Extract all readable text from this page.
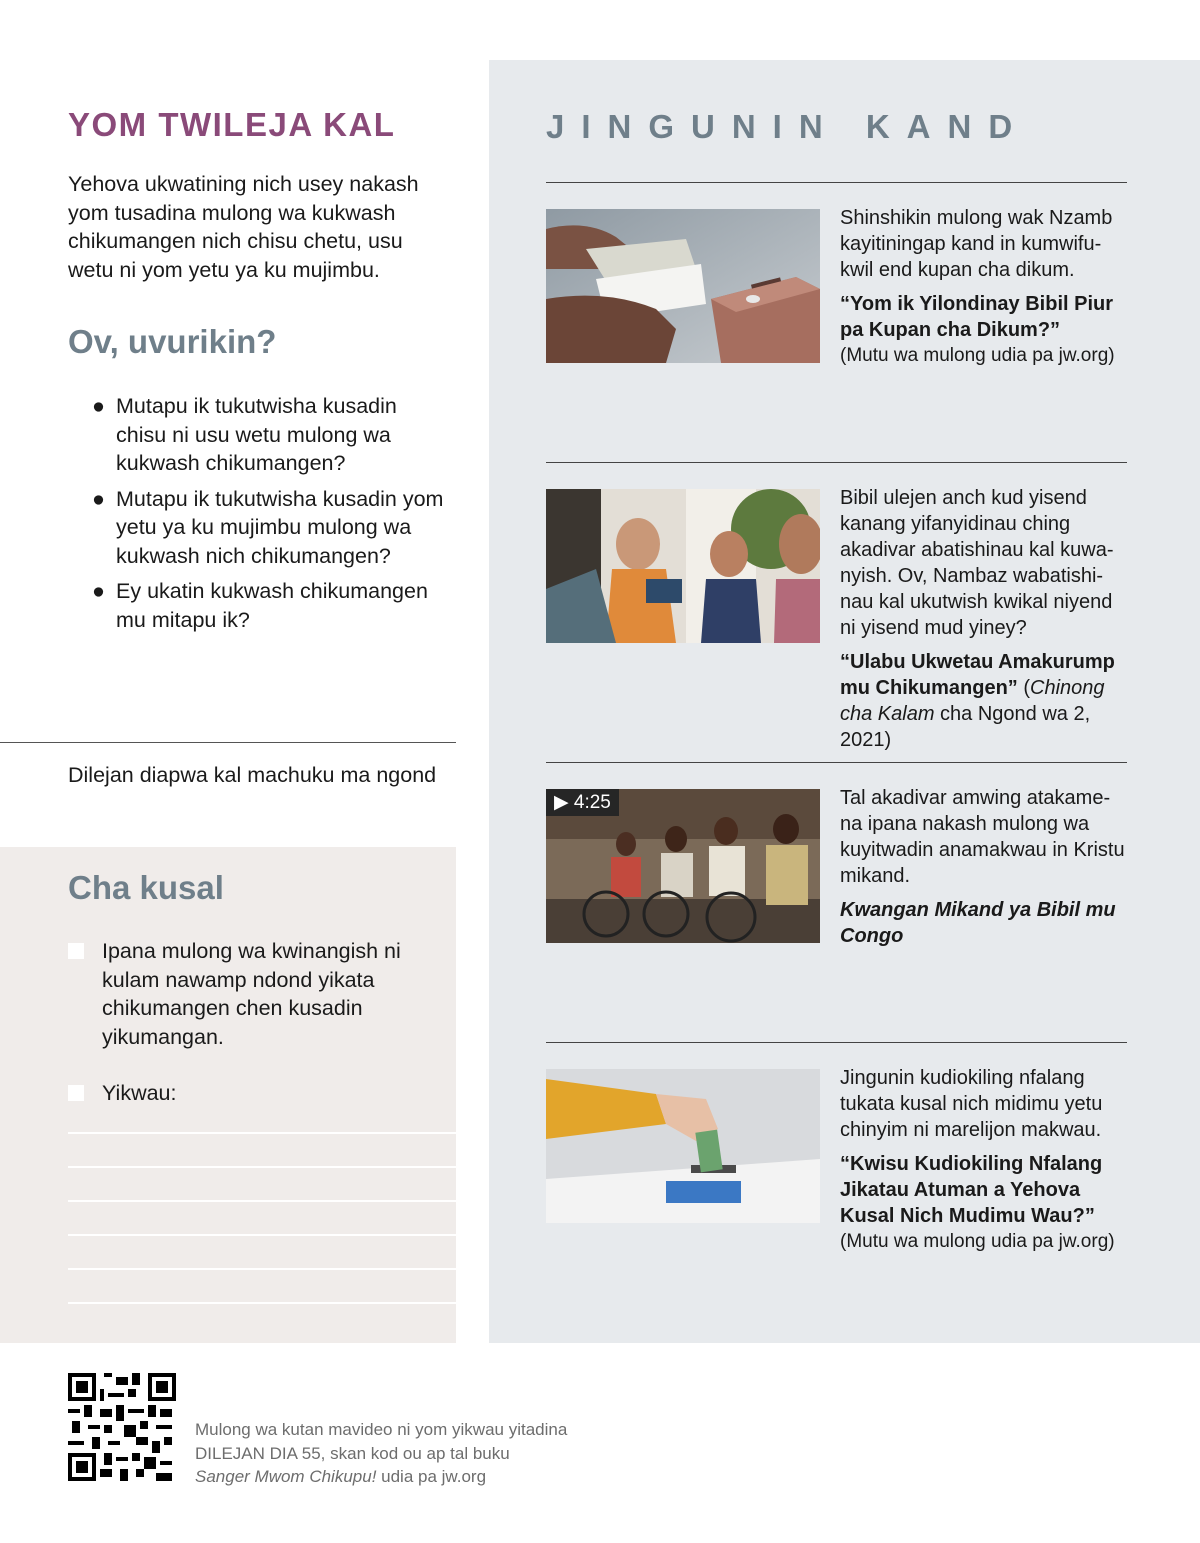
YOM TWILEJA KAL
Yehova ukwatining nich usey nakash yom tusadina mulong wa kukwash chikumangen nich chisu chetu, usu wetu ni yom yetu ya ku mujimbu.
Ov, uvurikin?
● Mutapu ik tukutwisha kusadin chisu ni usu wetu mulong wa kukwash chikumangen?
● Mutapu ik tukutwisha kusadin yom yetu ya ku mujimbu mulong wa kukwash nich chikumangen?
● Ey ukatin kukwash chikumangen mu mitapu ik?
Dilejan diapwa kal machuku ma ngond
Cha kusal
Ipana mulong wa kwinangish ni kulam nawamp ndond yikata chikumangen chen kusadin yikumangan.
Yikwau:
JINGUNIN KAND
Shinshikin mulong wak Nzamb kayitiningap kand in kumwifu-kwil end kupan cha dikum.
“Yom ik Yilondinay Bibil Piur pa Kupan cha Dikum?”
(Mutu wa mulong udia pa jw.org)
Bibil ulejen anch kud yisend kanang yifanyidinau ching akadivar abatishinau kal kuwa-nyish. Ov, Nambaz wabatishi-nau kal ukutwish kwikal niyend ni yisend mud yiney?
“Ulabu Ukwetau Amakurump mu Chikumangen” (Chinong cha Kalam cha Ngond wa 2, 2021)
▶ 4:25	Tal akadivar amwing atakame-na ipana nakash mulong wa kuyitwadin anamakwau in Kristu mikand.
Kwangan Mikand ya Bibil mu Congo
Jingunin kudiokiling nfalang tukata kusal nich midimu yetu chinyim ni marelijon makwau.
“Kwisu Kudiokiling Nfalang Jikatau Atuman a Yehova Kusal Nich Mudimu Wau?”
(Mutu wa mulong udia pa jw.org)
Mulong wa kutan mavideo ni yom yikwau yitadina
DILEJAN DIA 55, skan kod ou ap tal buku
Sanger Mwom Chikupu! udia pa jw.org
